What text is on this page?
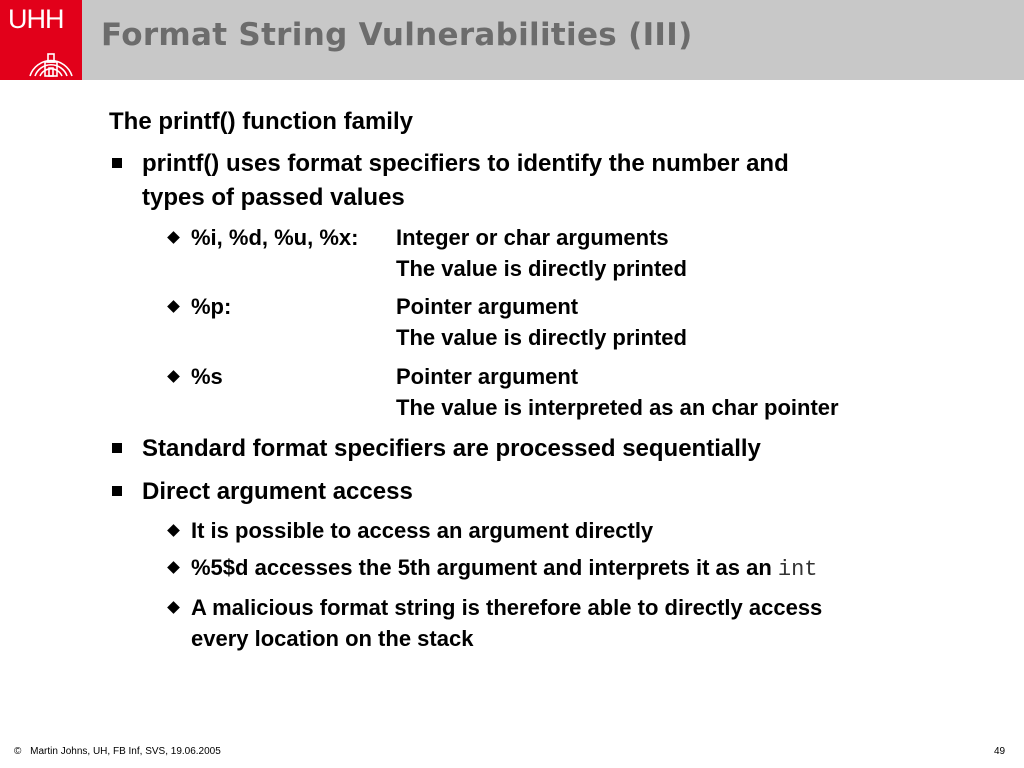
UHH Format String Vulnerabilities (III)
The printf() function family
printf() uses format specifiers to identify the number and
types of passed values
%i, %d, %u, %x: Integer or char arguments
The value is directly printed
%p:	Pointer argument
The value is directly printed
%s	Pointer argument
The value is interpreted as an char pointer
Standard format specifiers are processed sequentially
Direct argument access
It is possible to access an argument directly
%5$d accesses the 5th argument and interprets it as an int
A malicious format string is therefore able to directly access
every location on the stack
© Martin Johns, UH, FB Inf, SVS, 19.06.2005	49
